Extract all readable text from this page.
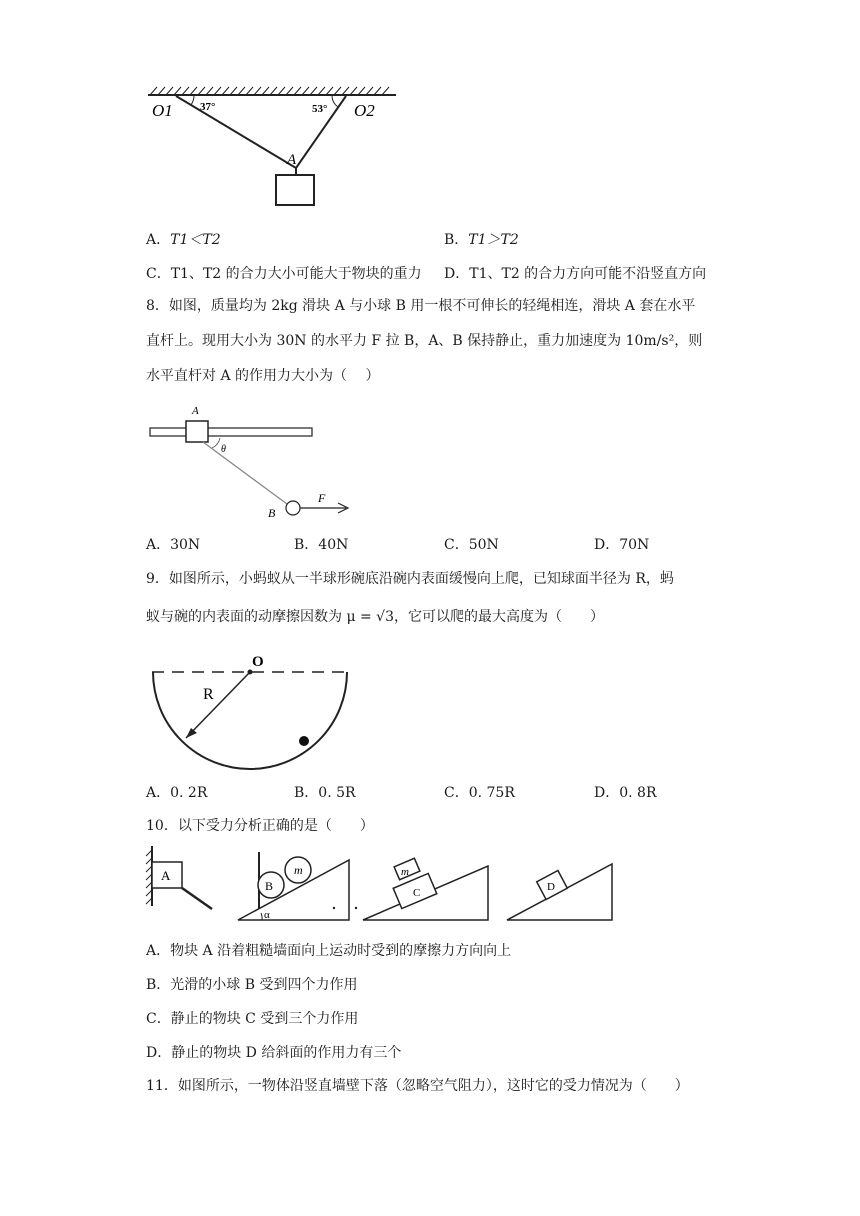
O1 37°	53° O2
A
A．T1＜T2	B．T1＞T2
C．T1、T2 的合力大小可能大于物块的重力 D．T1、T2 的合力方向可能不沿竖直方向
8．如图，质量均为 2kg 滑块 A 与小球 B 用一根不可伸长的轻绳相连，滑块 A 套在水平
直杆上。现用大小为 30N 的水平力 F 拉 B，A、B 保持静止，重力加速度为 10m/s²，则
水平直杆对 A 的作用力大小为（　 ）
A
θ
B
F
A．30N	B．40N	C．50N	D．70N
9．如图所示，小蚂蚁从一半球形碗底沿碗内表面缓慢向上爬，已知球面半径为 R，蚂
蚁与碗的内表面的动摩擦因数为 μ = √3，它可以爬的最大高度为（　　）
O
R
A．0. 2R	B．0. 5R	C．0. 75R	D．0. 8R
10．以下受力分析正确的是（　　）
A
B
m
α
m
C	D
A．物块 A 沿着粗糙墙面向上运动时受到的摩擦力方向向上
B．光滑的小球 B 受到四个力作用
C．静止的物块 C 受到三个力作用
D．静止的物块 D 给斜面的作用力有三个
11．如图所示，一物体沿竖直墙壁下落（忽略空气阻力），这时它的受力情况为（　　）
